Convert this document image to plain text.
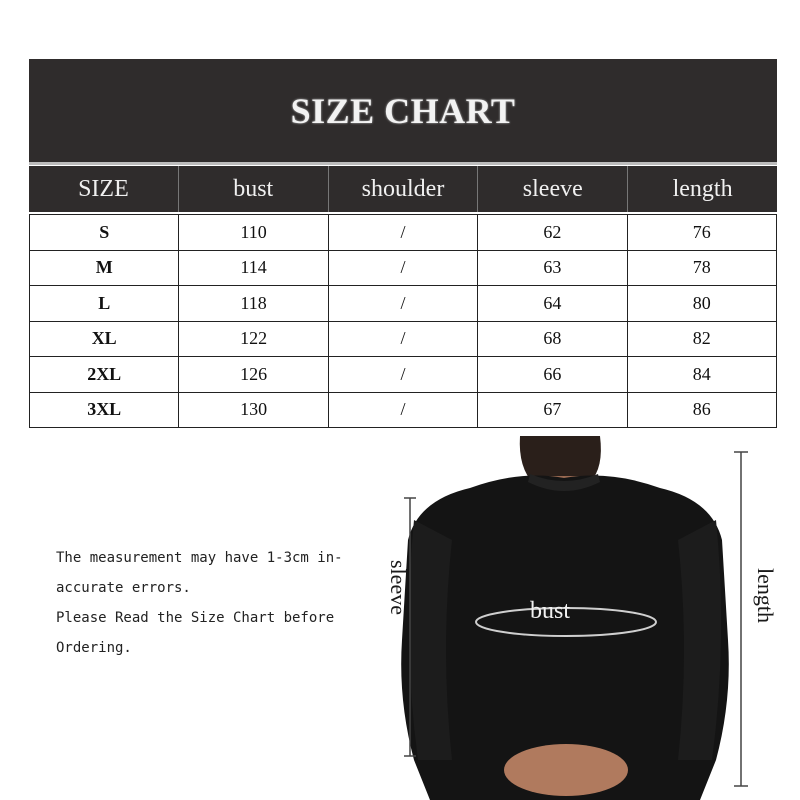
SIZE CHART
SIZE	bust	shoulder	sleeve	length
S	110	/	62	76
M	114	/	63	78
L	118	/	64	80
XL	122	/	68	82
2XL	126	/	66	84
3XL	130	/	67	86

The measurement may have 1-3cm in-

accurate errors.

Please Read the Size Chart before

Ordering.

sleeve	bust	length
